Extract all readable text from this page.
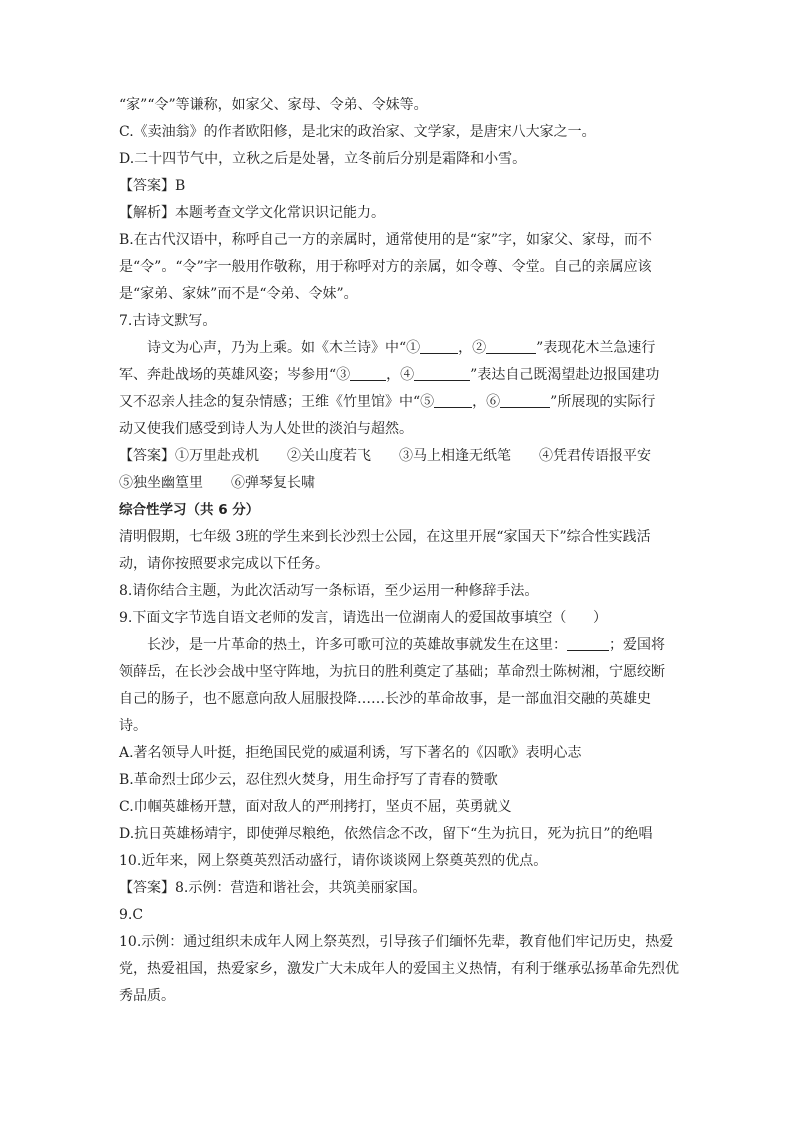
“家”“令”等谦称，如家父、家母、令弟、令妹等。
C.《卖油翁》的作者欧阳修，是北宋的政治家、文学家，是唐宋八大家之一。
D.二十四节气中，立秋之后是处暑，立冬前后分别是霜降和小雪。
【答案】B
【解析】本题考查文学文化常识识记能力。
B.在古代汉语中，称呼自己一方的亲属时，通常使用的是“家”字，如家父、家母，而不
是“令”。“令”字一般用作敬称，用于称呼对方的亲属，如令尊、令堂。自己的亲属应该
是“家弟、家妹”而不是“令弟、令妹”。
7.古诗文默写。
诗文为心声，乃为上乘。如《木兰诗》中“①	，②	”表现花木兰急速行
军、奔赴战场的英雄风姿；岑参用“③	，④	”表达自己既渴望赴边报国建功
又不忍亲人挂念的复杂情感；王维《竹里馆》中“⑤	，⑥	”所展现的实际行
动又使我们感受到诗人为人处世的淡泊与超然。
【答案】①万里赴戎机 ②关山度若飞 ③马上相逢无纸笔 ④凭君传语报平安
⑤独坐幽篁里 ⑥弹琴复长啸
综合性学习（共 6 分）
清明假期，七年级 3班的学生来到长沙烈士公园，在这里开展“家国天下”综合性实践活
动，请你按照要求完成以下任务。
8.请你结合主题，为此次活动写一条标语，至少运用一种修辞手法。
9.下面文字节选自语文老师的发言，请选出一位湖南人的爱国故事填空（      ）
长沙，是一片革命的热土，许多可歌可泣的英雄故事就发生在这里：	；爱国将
领薛岳，在长沙会战中坚守阵地，为抗日的胜利奠定了基础；革命烈士陈树湘，宁愿绞断
自己的肠子，也不愿意向敌人屈服投降……长沙的革命故事，是一部血泪交融的英雄史
诗。
A.著名领导人叶挺，拒绝国民党的威逼利诱，写下著名的《囚歌》表明心志
B.革命烈士邱少云，忍住烈火焚身，用生命抒写了青春的赞歌
C.巾帼英雄杨开慧，面对敌人的严刑拷打，坚贞不屈，英勇就义
D.抗日英雄杨靖宇，即使弹尽粮绝，依然信念不改，留下“生为抗日，死为抗日”的绝唱
10.近年来，网上祭奠英烈活动盛行，请你谈谈网上祭奠英烈的优点。
【答案】8.示例：营造和谐社会，共筑美丽家国。
9.C
10.示例：通过组织未成年人网上祭英烈，引导孩子们缅怀先辈，教育他们牢记历史，热爱
党，热爱祖国，热爱家乡，激发广大未成年人的爱国主义热情，有利于继承弘扬革命先烈优
秀品质。
